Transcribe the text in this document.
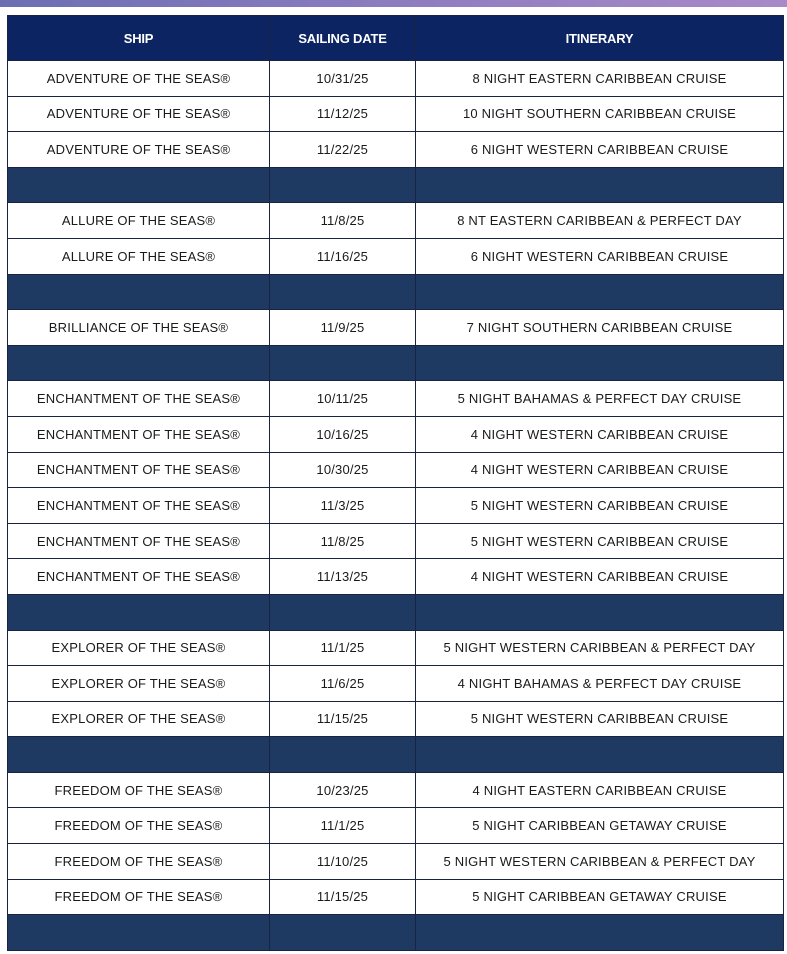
SHIP	SAILING DATE	ITINERARY
ADVENTURE OF THE SEAS®	10/31/25	8 NIGHT EASTERN CARIBBEAN CRUISE
ADVENTURE OF THE SEAS®	11/12/25	10 NIGHT SOUTHERN CARIBBEAN CRUISE
ADVENTURE OF THE SEAS®	11/22/25	6 NIGHT WESTERN CARIBBEAN CRUISE

ALLURE OF THE SEAS®	11/8/25	8 NT EASTERN CARIBBEAN & PERFECT DAY
ALLURE OF THE SEAS®	11/16/25	6 NIGHT WESTERN CARIBBEAN CRUISE

BRILLIANCE OF THE SEAS®	11/9/25	7 NIGHT SOUTHERN CARIBBEAN CRUISE

ENCHANTMENT OF THE SEAS®	10/11/25	5 NIGHT BAHAMAS & PERFECT DAY CRUISE
ENCHANTMENT OF THE SEAS®	10/16/25	4 NIGHT WESTERN CARIBBEAN CRUISE
ENCHANTMENT OF THE SEAS®	10/30/25	4 NIGHT WESTERN CARIBBEAN CRUISE
ENCHANTMENT OF THE SEAS®	11/3/25	5 NIGHT WESTERN CARIBBEAN CRUISE
ENCHANTMENT OF THE SEAS®	11/8/25	5 NIGHT WESTERN CARIBBEAN CRUISE
ENCHANTMENT OF THE SEAS®	11/13/25	4 NIGHT WESTERN CARIBBEAN CRUISE

EXPLORER OF THE SEAS®	11/1/25	5 NIGHT WESTERN CARIBBEAN & PERFECT DAY
EXPLORER OF THE SEAS®	11/6/25	4 NIGHT BAHAMAS & PERFECT DAY CRUISE
EXPLORER OF THE SEAS®	11/15/25	5 NIGHT WESTERN CARIBBEAN CRUISE

FREEDOM OF THE SEAS®	10/23/25	4 NIGHT EASTERN CARIBBEAN CRUISE
FREEDOM OF THE SEAS®	11/1/25	5 NIGHT CARIBBEAN GETAWAY CRUISE
FREEDOM OF THE SEAS®	11/10/25	5 NIGHT WESTERN CARIBBEAN & PERFECT DAY
FREEDOM OF THE SEAS®	11/15/25	5 NIGHT CARIBBEAN GETAWAY CRUISE
